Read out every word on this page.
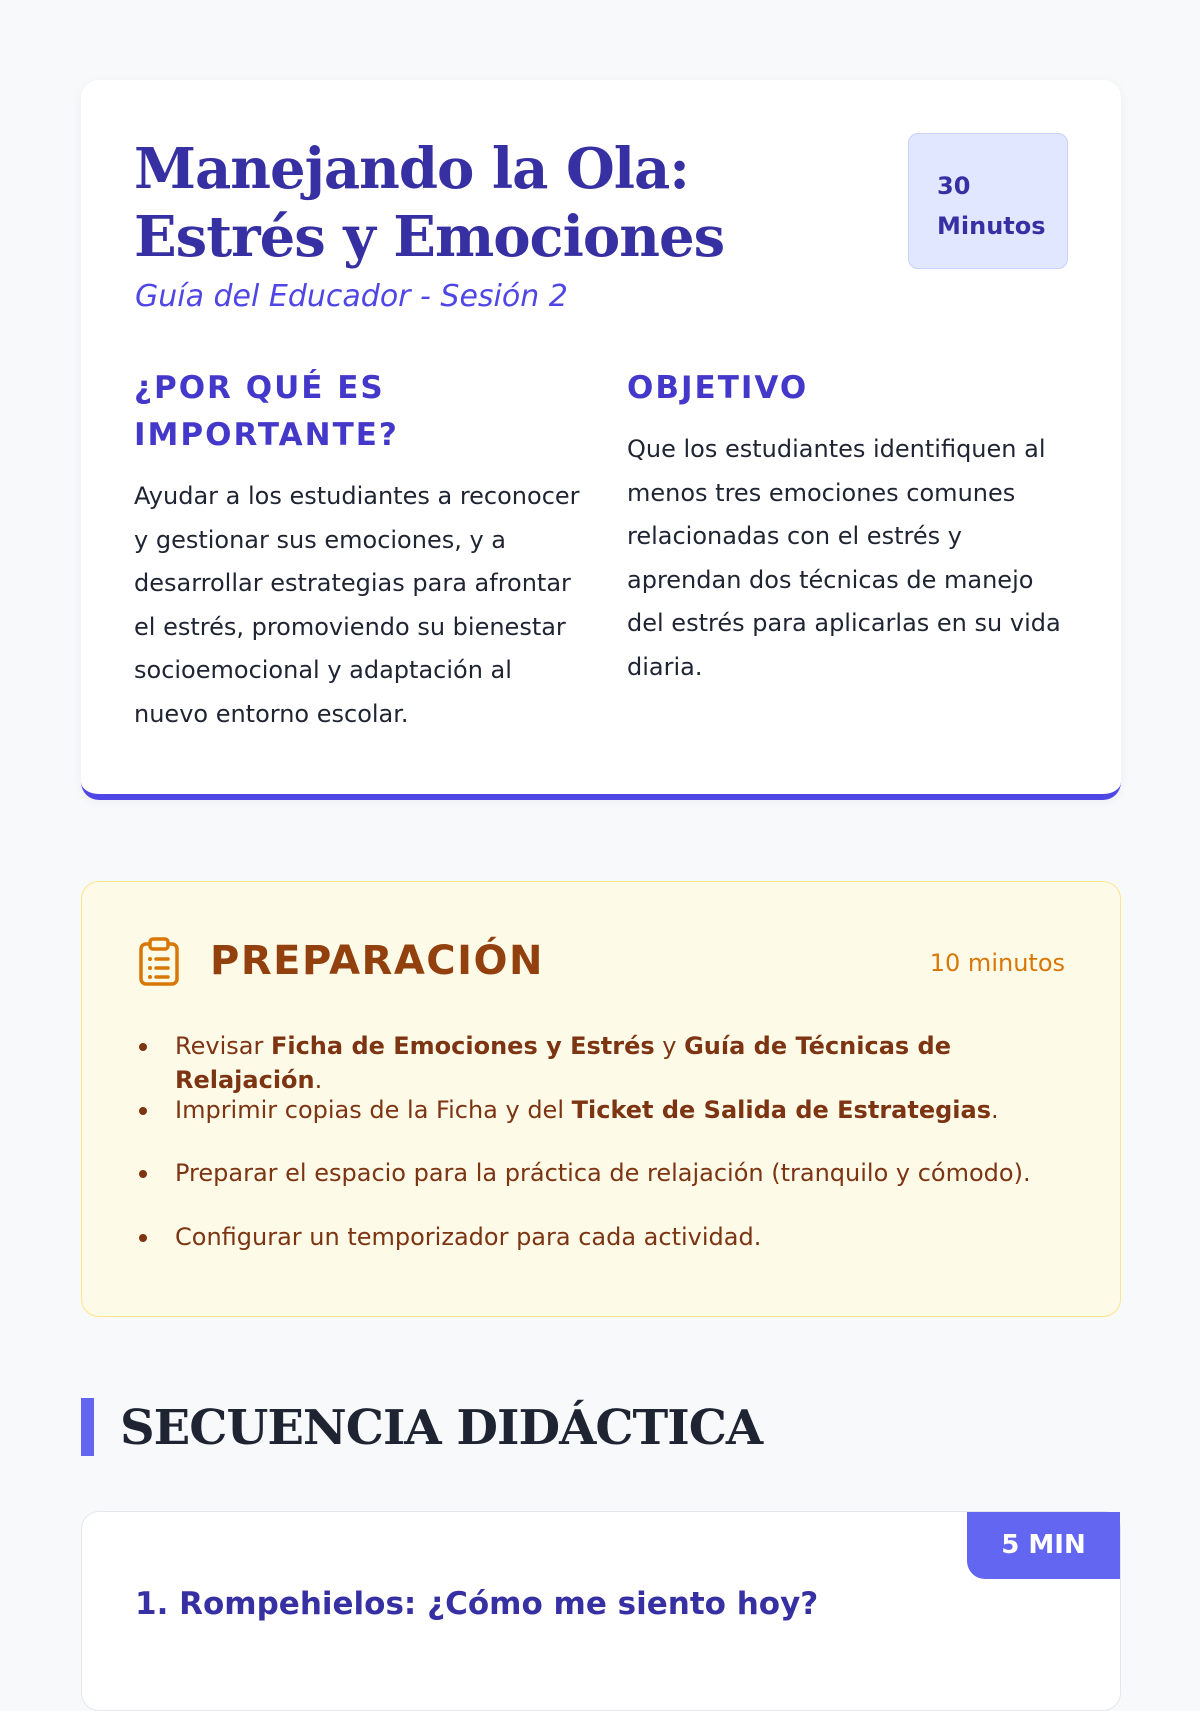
Manejando la Ola: Estrés y Emociones
Guía del Educador - Sesión 2
30
Minutos
¿POR QUÉ ES IMPORTANTE?

Ayudar a los estudiantes a reconocer y gestionar sus emociones, y a desarrollar estrategias para afrontar el estrés, promoviendo su bienestar socioemocional y adaptación al nuevo entorno escolar.

OBJETIVO

Que los estudiantes identifiquen al menos tres emociones comunes relacionadas con el estrés y aprendan dos técnicas de manejo del estrés para aplicarlas en su vida diaria.

PREPARACIÓN	10 minutos
Revisar Ficha de Emociones y Estrés y Guía de Técnicas de Relajación.
Imprimir copias de la Ficha y del Ticket de Salida de Estrategias.
Preparar el espacio para la práctica de relajación (tranquilo y cómodo).
Configurar un temporizador para cada actividad.
SECUENCIA DIDÁCTICA
5 MIN
1. Rompehielos: ¿Cómo me siento hoy?
